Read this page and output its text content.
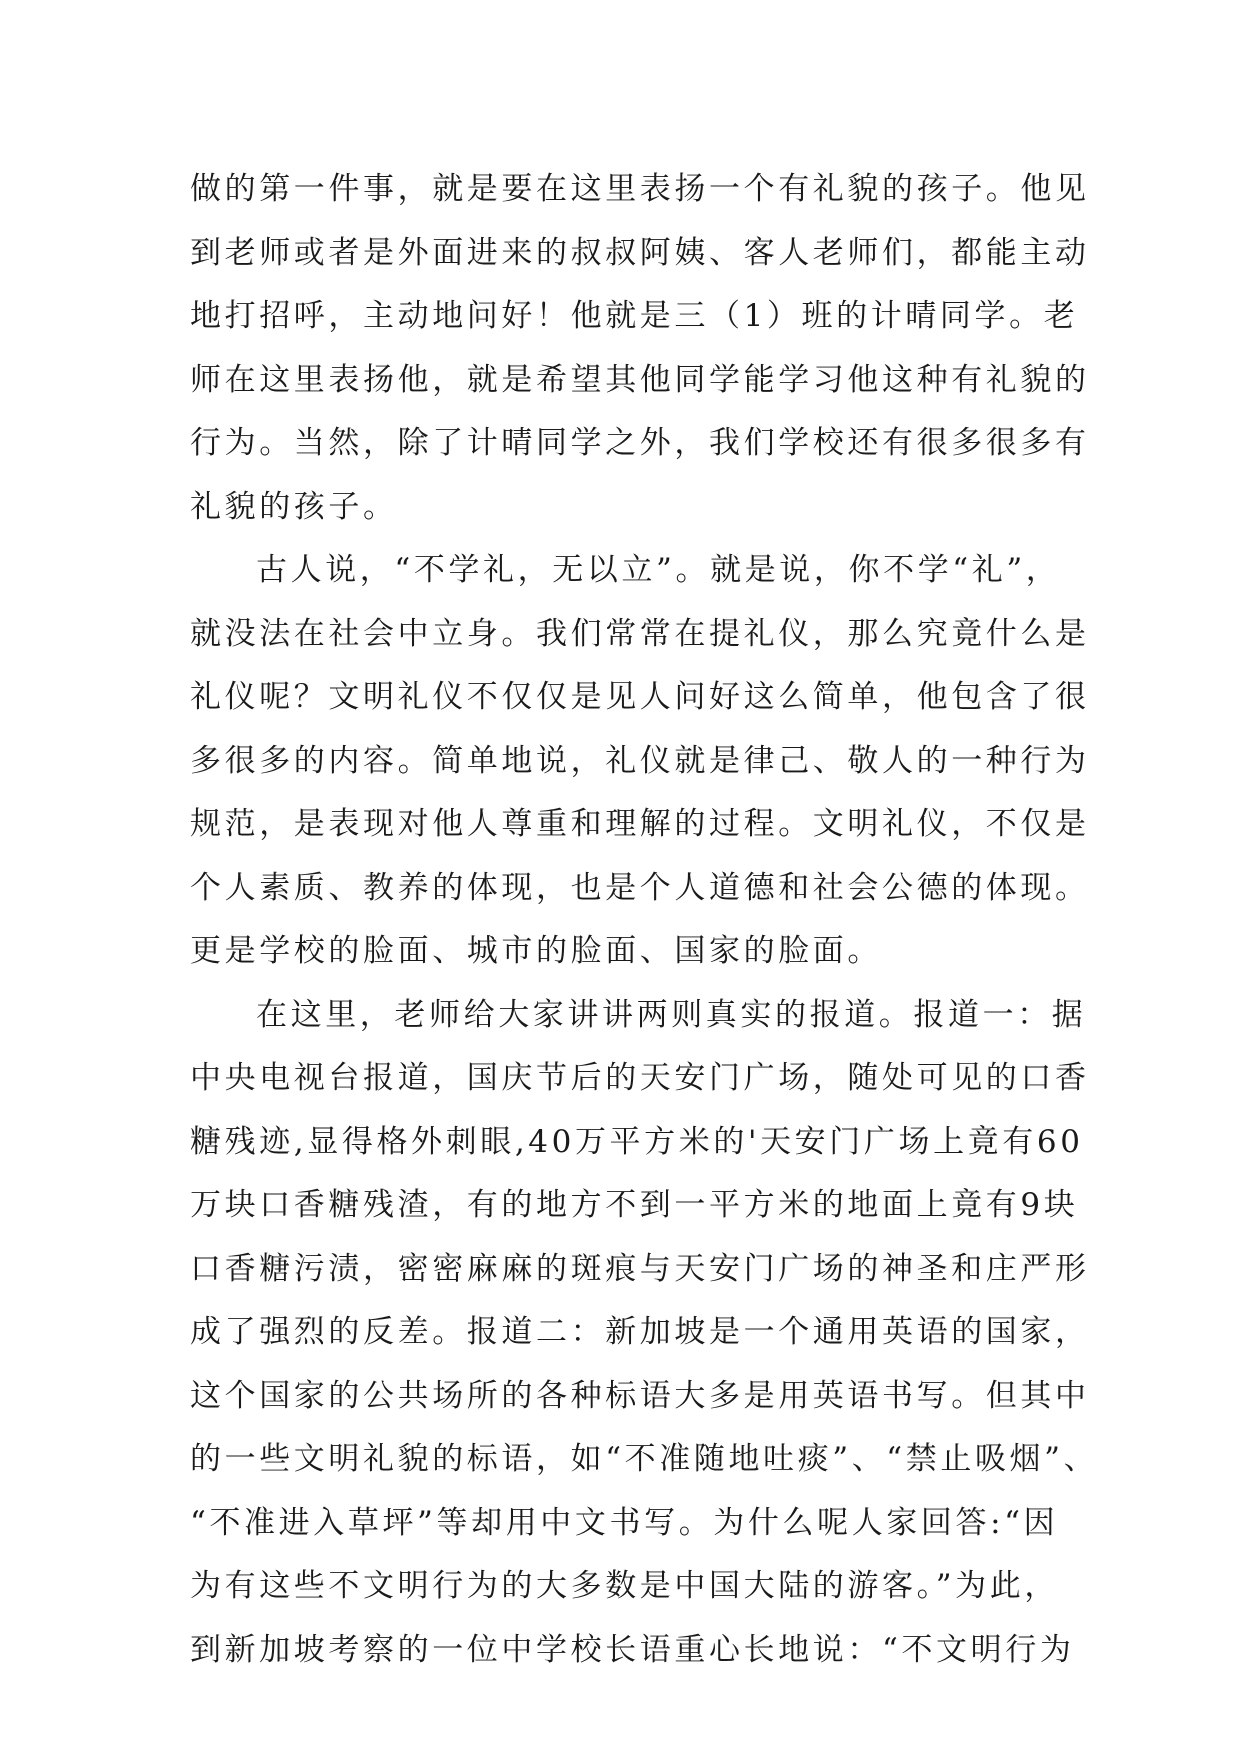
做的第一件事，就是要在这里表扬一个有礼貌的孩子。他见
到老师或者是外面进来的叔叔阿姨、客人老师们，都能主动
地打招呼，主动地问好！他就是三（1）班的计晴同学。老
师在这里表扬他，就是希望其他同学能学习他这种有礼貌的
行为。当然，除了计晴同学之外，我们学校还有很多很多有
礼貌的孩子。
古人说，“不学礼，无以立”。就是说，你不学“礼”，
就没法在社会中立身。我们常常在提礼仪，那么究竟什么是
礼仪呢？文明礼仪不仅仅是见人问好这么简单，他包含了很
多很多的内容。简单地说，礼仪就是律己、敬人的一种行为
规范，是表现对他人尊重和理解的过程。文明礼仪，不仅是
个人素质、教养的体现，也是个人道德和社会公德的体现。
更是学校的脸面、城市的脸面、国家的脸面。
在这里，老师给大家讲讲两则真实的报道。报道一：据
中央电视台报道，国庆节后的天安门广场，随处可见的口香
糖残迹,显得格外刺眼,40万平方米的'天安门广场上竟有60
万块口香糖残渣，有的地方不到一平方米的地面上竟有9块
口香糖污渍，密密麻麻的斑痕与天安门广场的神圣和庄严形
成了强烈的反差。报道二：新加坡是一个通用英语的国家，
这个国家的公共场所的各种标语大多是用英语书写。但其中
的一些文明礼貌的标语，如“不准随地吐痰”、“禁止吸烟”、
“不准进入草坪”等却用中文书写。为什么呢人家回答:“因
为有这些不文明行为的大多数是中国大陆的游客。”为此，
到新加坡考察的一位中学校长语重心长地说：“不文明行为
